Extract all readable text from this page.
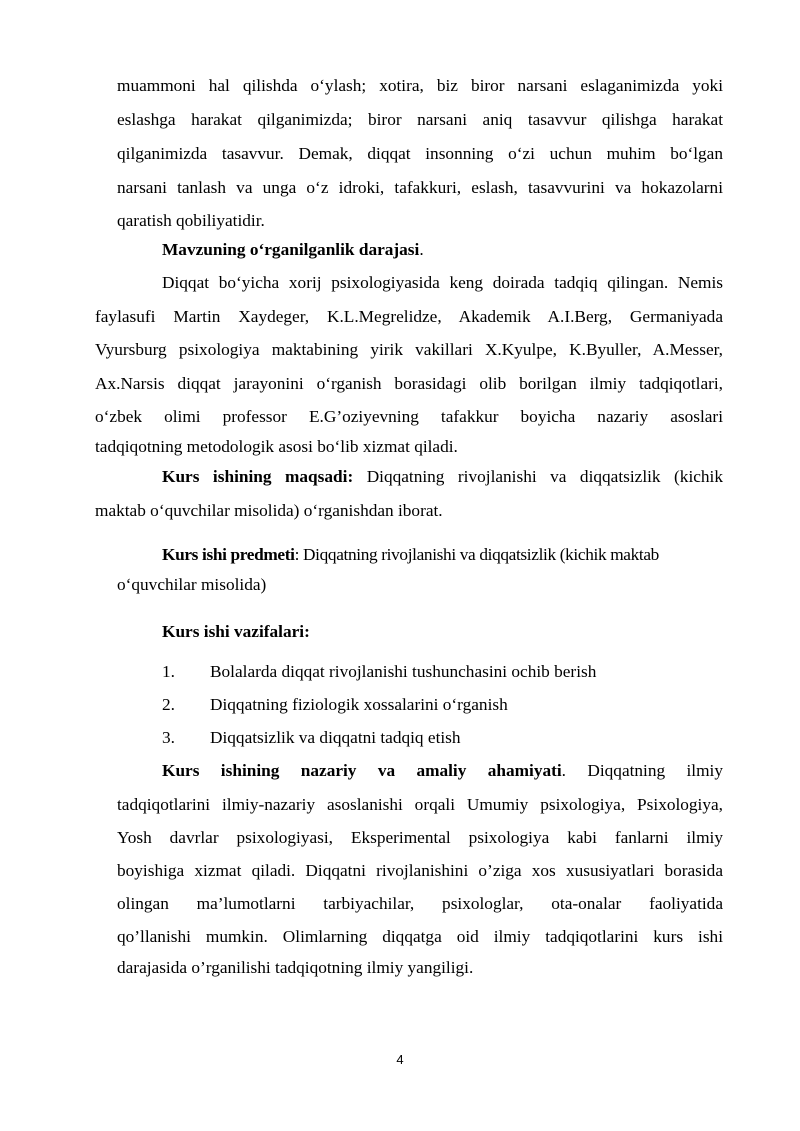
muammoni hal qilishda o‘ylash; xotira, biz biror narsani eslaganimizda yoki
eslashga harakat qilganimizda; biror narsani aniq tasavvur qilishga harakat
qilganimizda tasavvur. Demak, diqqat insonning o‘zi uchun muhim bo‘lgan
narsani tanlash va unga o‘z idroki, tafakkuri, eslash, tasavvurini va hokazolarni
qaratish qobiliyatidir.
Mavzuning o‘rganilganlik darajasi.
Diqqat bo‘yicha xorij psixologiyasida keng doirada tadqiq qilingan. Nemis
faylasufi Martin Xaydeger, K.L.Megrelidze, Akademik A.I.Berg, Germaniyada
Vyursburg psixologiya maktabining yirik vakillari X.Kyulpe, K.Byuller, A.Messer,
Ax.Narsis diqqat jarayonini o‘rganish borasidagi olib borilgan ilmiy tadqiqotlari,
o‘zbek olimi professor E.G’oziyevning tafakkur boyicha nazariy asoslari
tadqiqotning metodologik asosi bo‘lib xizmat qiladi.
Kurs ishining maqsadi: Diqqatning rivojlanishi va diqqatsizlik (kichik
maktab o‘quvchilar misolida) o‘rganishdan iborat.
Kurs ishi predmeti: Diqqatning rivojlanishi va diqqatsizlik (kichik maktab
o‘quvchilar misolida)
Kurs ishi vazifalari:
1. Bolalarda diqqat rivojlanishi tushunchasini ochib berish
2. Diqqatning fiziologik xossalarini o‘rganish
3. Diqqatsizlik va diqqatni tadqiq etish
Kurs ishining nazariy va amaliy ahamiyati. Diqqatning ilmiy
tadqiqotlarini ilmiy-nazariy asoslanishi orqali Umumiy psixologiya, Psixologiya,
Yosh davrlar psixologiyasi, Eksperimental psixologiya kabi fanlarni ilmiy
boyishiga xizmat qiladi. Diqqatni rivojlanishini o’ziga xos xususiyatlari borasida
olingan ma’lumotlarni tarbiyachilar, psixologlar, ota-onalar faoliyatida
qo’llanishi mumkin. Olimlarning diqqatga oid ilmiy tadqiqotlarini kurs ishi
darajasida o’rganilishi tadqiqotning ilmiy yangiligi.
4
